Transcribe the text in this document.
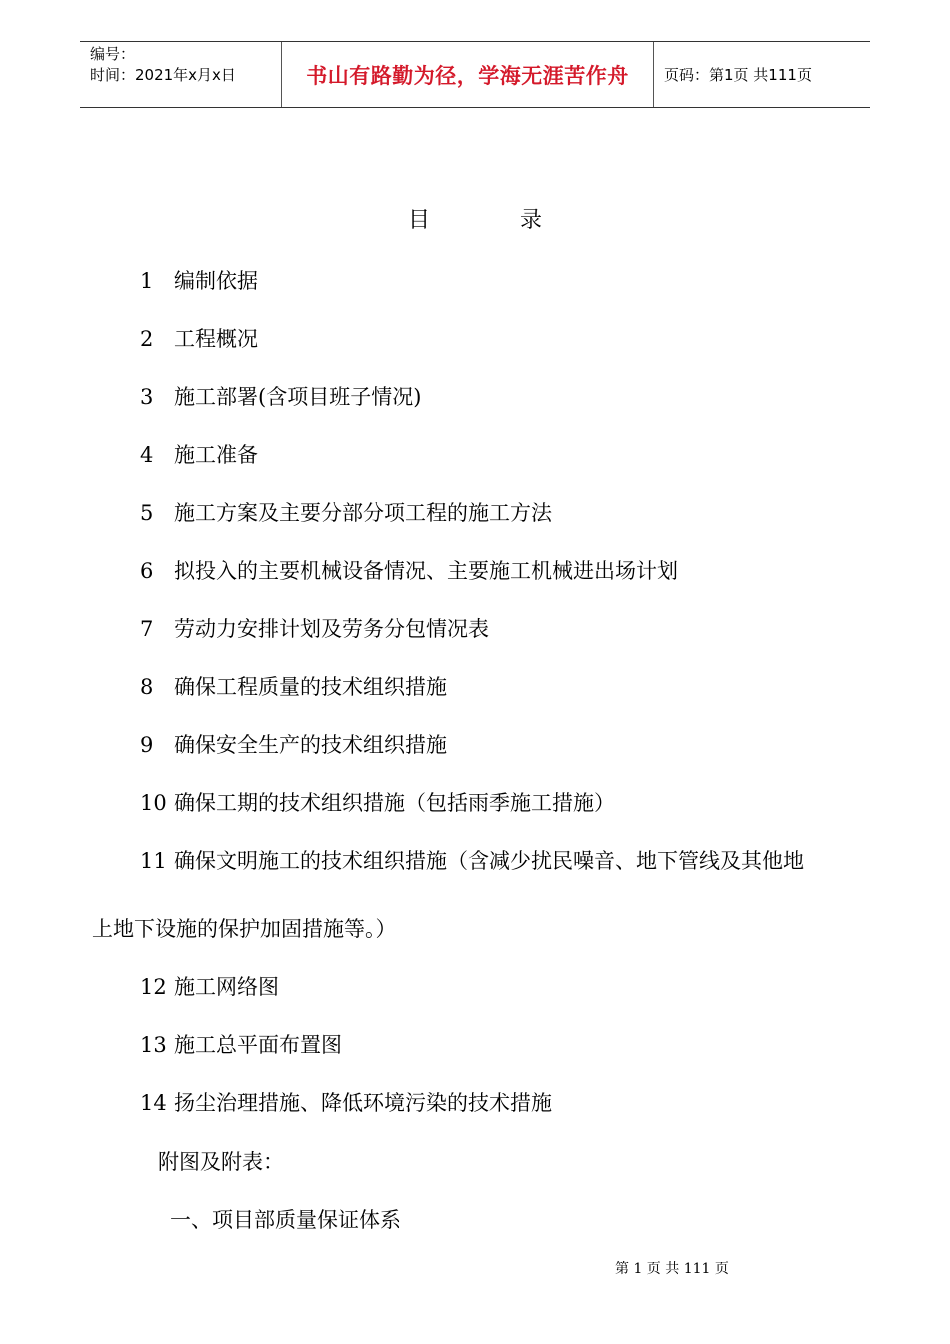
编号：
时间：2021年x月x日	书山有路勤为径，学海无涯苦作舟	页码：第1页 共111页
目	录
1 编制依据
2 工程概况
3 施工部署(含项目班子情况)
4 施工准备
5 施工方案及主要分部分项工程的施工方法
6 拟投入的主要机械设备情况、主要施工机械进出场计划
7 劳动力安排计划及劳务分包情况表
8 确保工程质量的技术组织措施
9 确保安全生产的技术组织措施
10 确保工期的技术组织措施（包括雨季施工措施）
11 确保文明施工的技术组织措施（含减少扰民噪音、地下管线及其他地
12 施工网络图
13 施工总平面布置图
14 扬尘治理措施、降低环境污染的技术措施
上地下设施的保护加固措施等。）
附图及附表：
一、项目部质量保证体系
第 1 页 共 111 页
